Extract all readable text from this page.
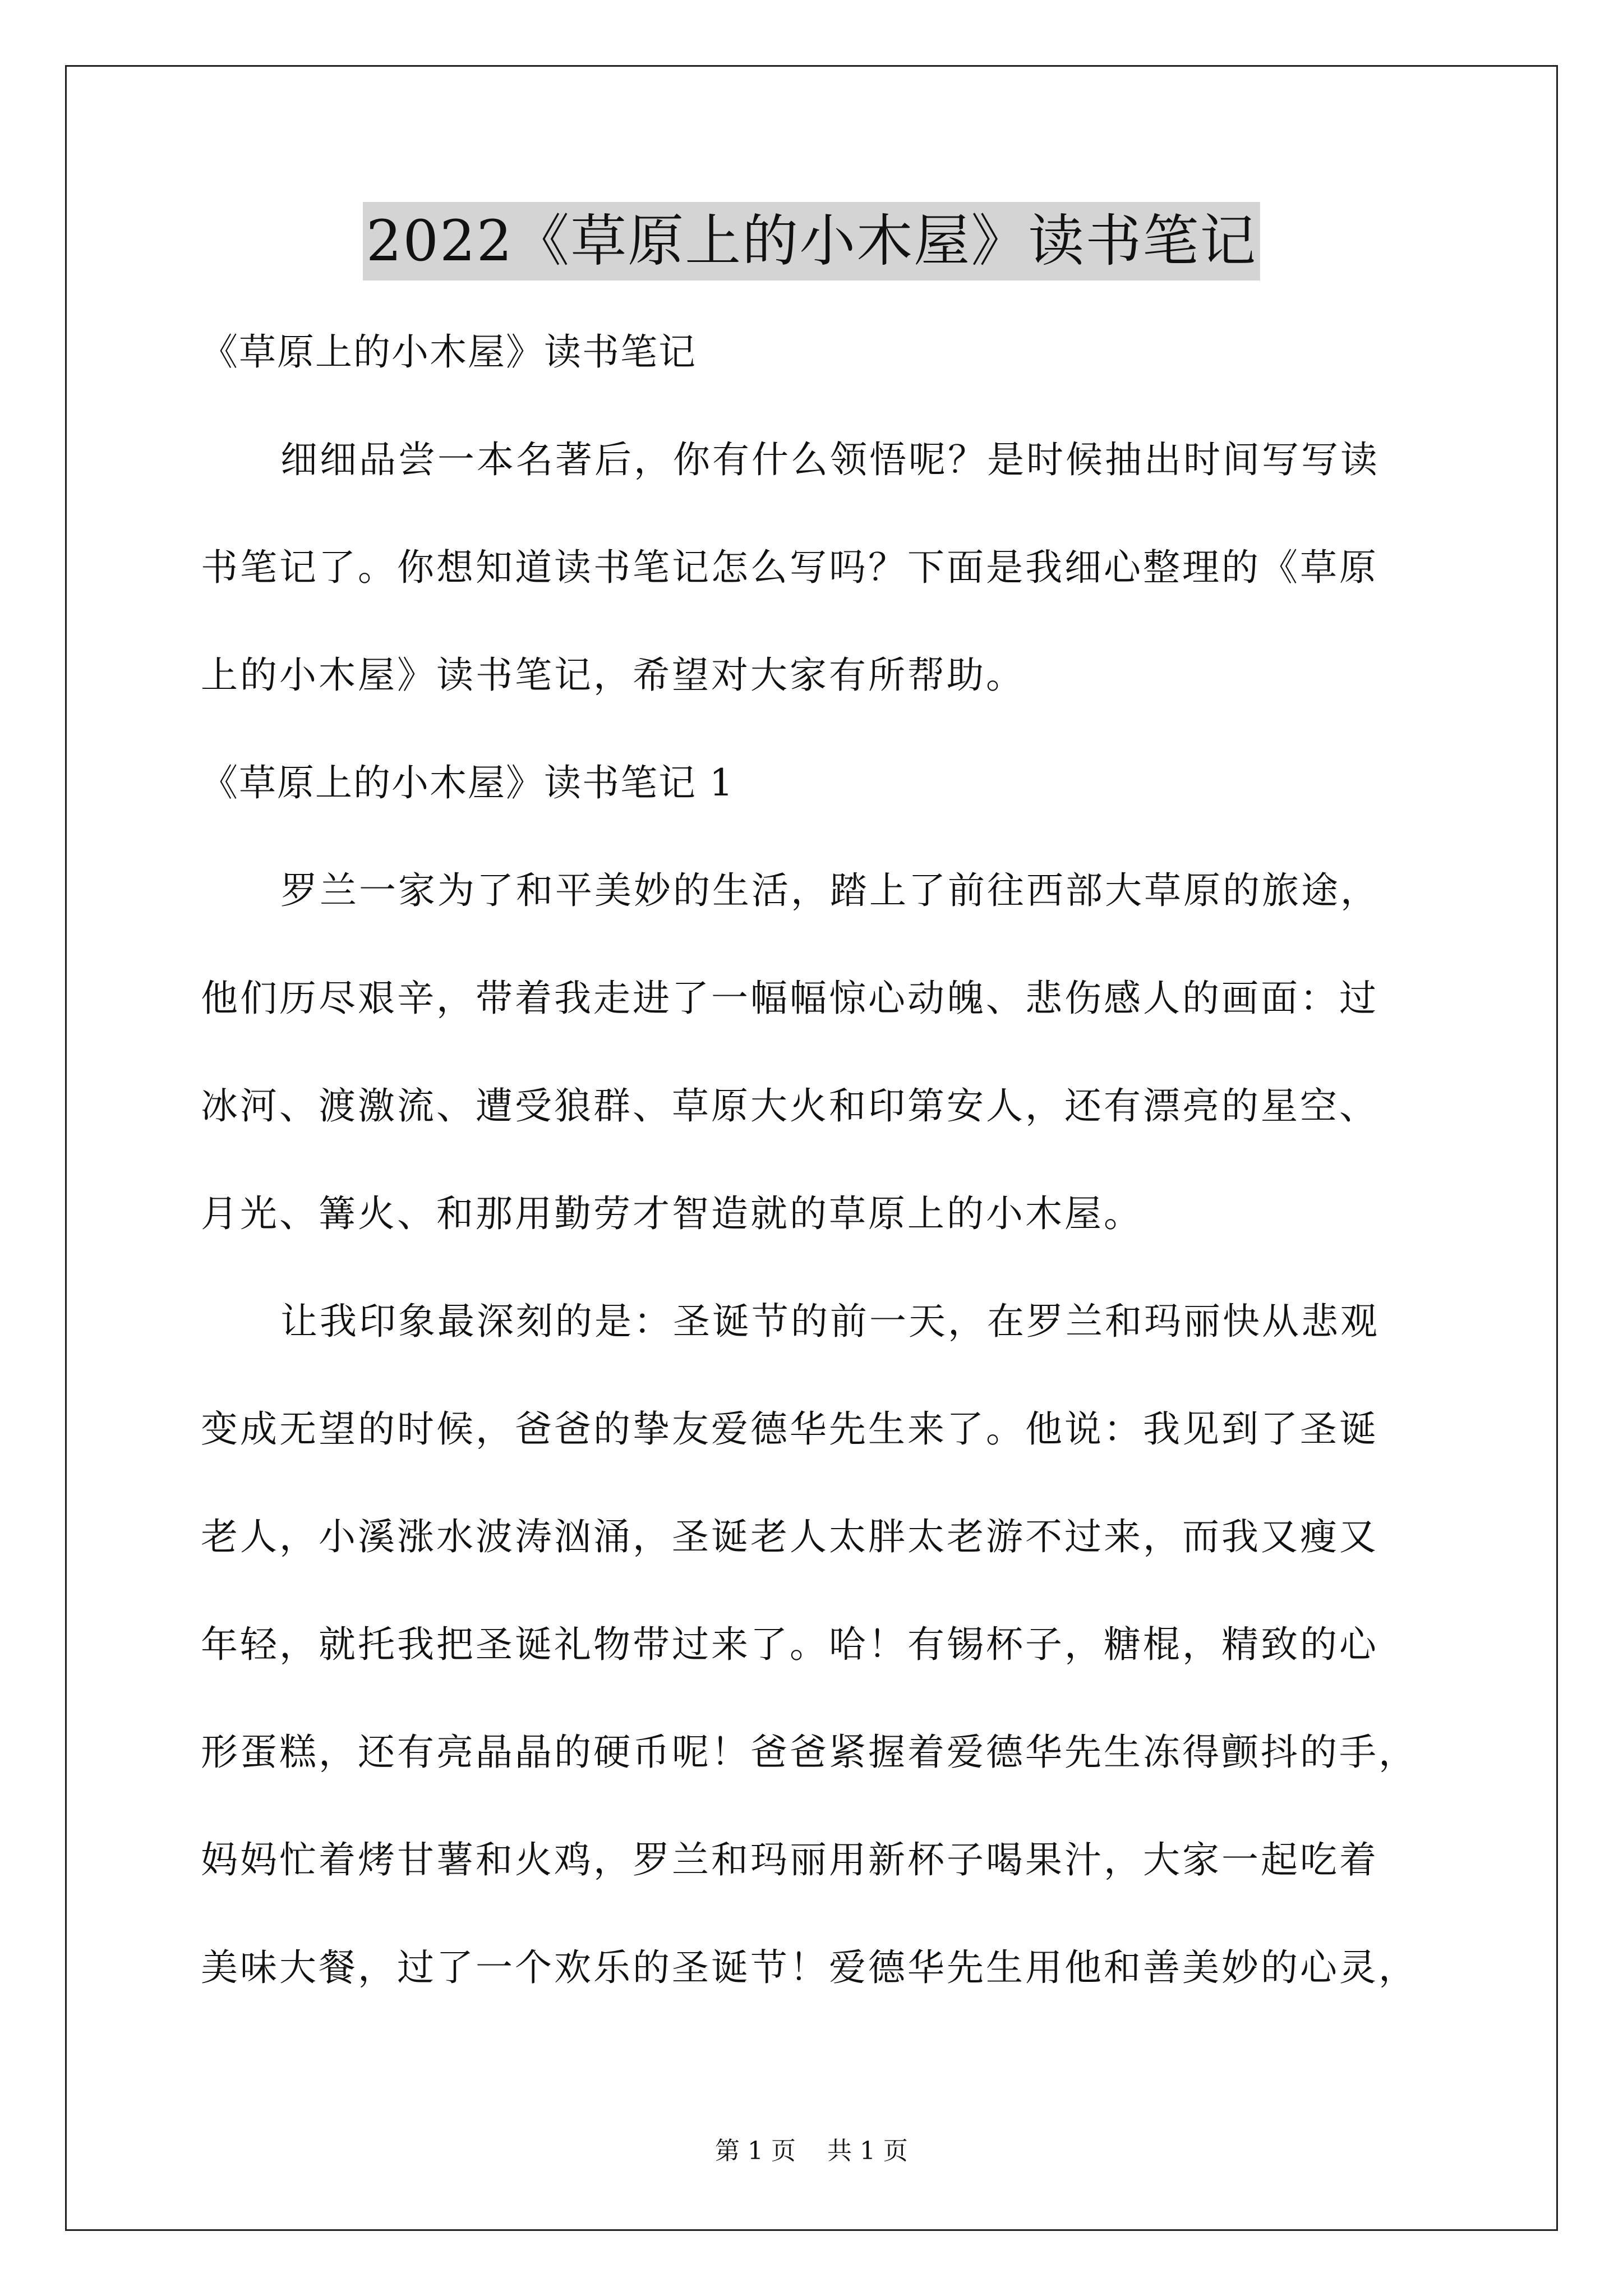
2022《草原上的小木屋》读书笔记
《草原上的小木屋》读书笔记
细细品尝一本名著后，你有什么领悟呢？是时候抽出时间写写读
书笔记了。你想知道读书笔记怎么写吗？下面是我细心整理的《草原
上的小木屋》读书笔记，希望对大家有所帮助。
《草原上的小木屋》读书笔记 1
罗兰一家为了和平美妙的生活，踏上了前往西部大草原的旅途，
他们历尽艰辛，带着我走进了一幅幅惊心动魄、悲伤感人的画面：过
冰河、渡激流、遭受狼群、草原大火和印第安人，还有漂亮的星空、
月光、篝火、和那用勤劳才智造就的草原上的小木屋。
让我印象最深刻的是：圣诞节的前一天，在罗兰和玛丽快从悲观
变成无望的时候，爸爸的挚友爱德华先生来了。他说：我见到了圣诞
老人，小溪涨水波涛汹涌，圣诞老人太胖太老游不过来，而我又瘦又
年轻，就托我把圣诞礼物带过来了。哈！有锡杯子，糖棍，精致的心
形蛋糕，还有亮晶晶的硬币呢！爸爸紧握着爱德华先生冻得颤抖的手，
妈妈忙着烤甘薯和火鸡，罗兰和玛丽用新杯子喝果汁，大家一起吃着
美味大餐，过了一个欢乐的圣诞节！爱德华先生用他和善美妙的心灵，
第 1 页    共 1 页
